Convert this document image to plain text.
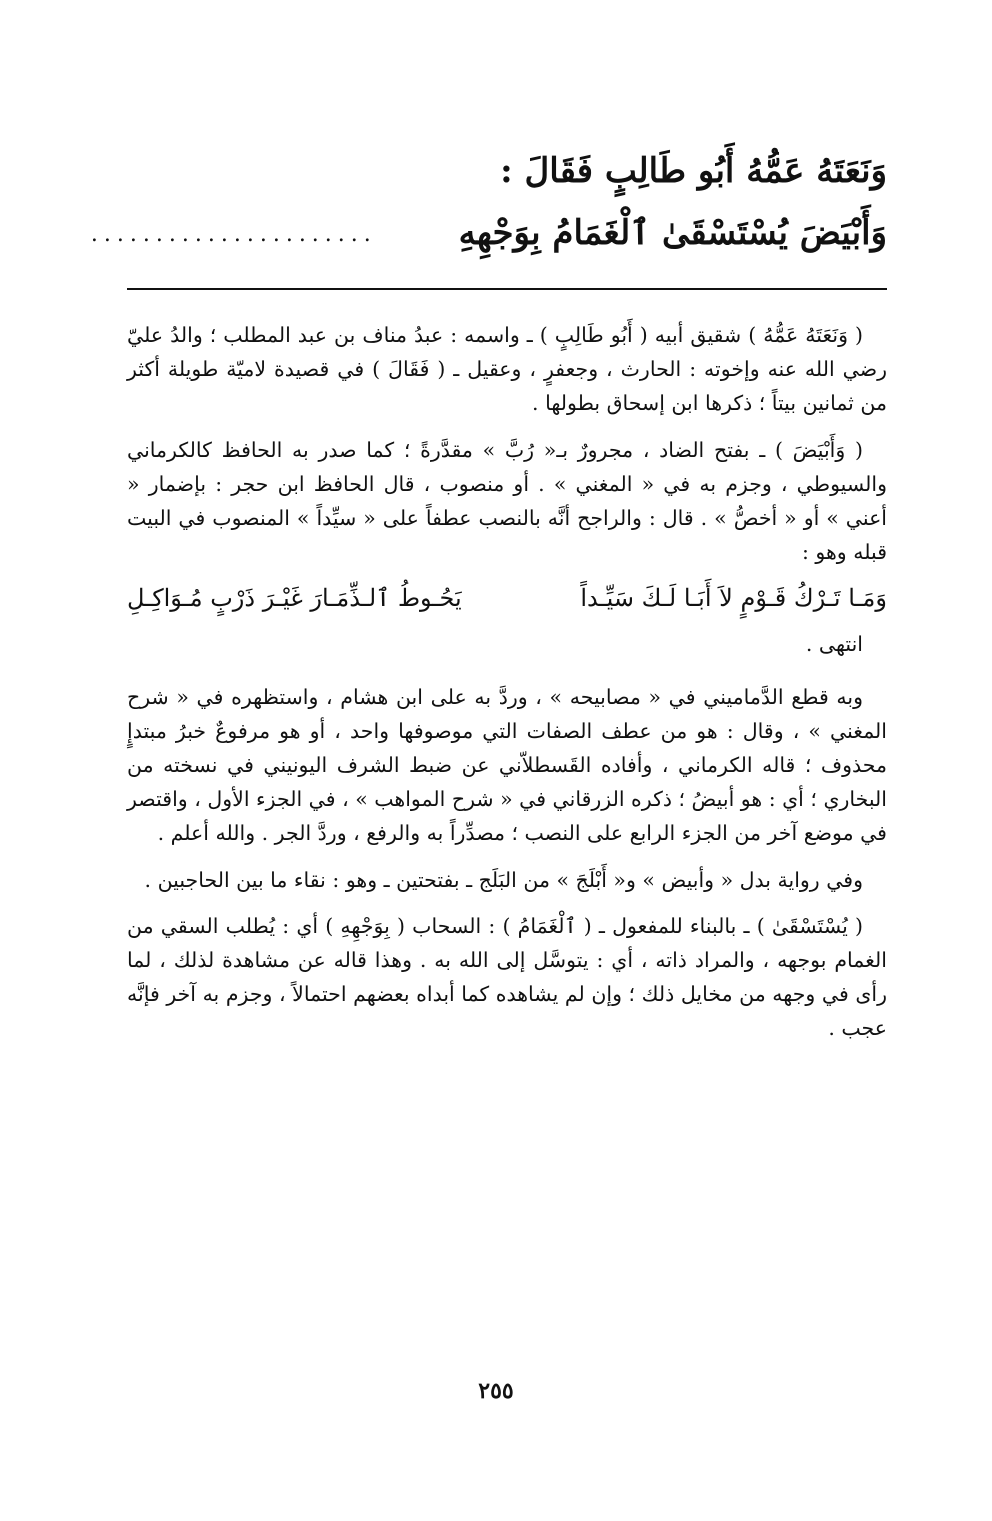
وَنَعَتَهُ عَمُّهُ أَبُو طَالِبٍ فَقَالَ :
وَأَبْيَضَ يُسْتَسْقَىٰ ٱلْغَمَامُ بِوَجْهِهِ ......................

( وَنَعَتَهُ عَمُّهُ ) شقيق أبيه ( أَبُو طَالِبٍ ) ـ واسمه : عبدُ مناف بن عبد المطلب ؛ والدُ عليّ رضي الله عنه وإخوته : الحارث ، وجعفرٍ ، وعقيل ـ ( فَقَالَ ) في قصيدة لاميّة طويلة أكثر من ثمانين بيتاً ؛ ذكرها ابن إسحاق بطولها .

( وَأَبْيَضَ ) ـ بفتح الضاد ، مجرورٌ بـ« رُبَّ » مقدَّرةً ؛ كما صدر به الحافظ كالكرماني والسيوطي ، وجزم به في « المغني » . أو منصوب ، قال الحافظ ابن حجر : بإضمار « أعني » أو « أخصُّ » . قال : والراجح أنَّه بالنصب عطفاً على « سيِّداً » المنصوب في البيت قبله وهو :

وَمَـا تَـرْكُ قَـوْمٍ لاَ أَبَـا لَـكَ سَيِّـداً
يَحُـوطُ ٱلـذِّمَـارَ غَيْـرَ ذَرْبٍ مُـوَاكِـلِ
انتهى .

وبه قطع الدَّماميني في « مصابيحه » ، وردَّ به على ابن هشام ، واستظهره في « شرح المغني » ، وقال : هو من عطف الصفات التي موصوفها واحد ، أو هو مرفوعٌ خبرُ مبتدإٍ محذوف ؛ قاله الكرماني ، وأفاده القَسطلاّني عن ضبط الشرف اليونيني في نسخته من البخاري ؛ أي : هو أبيضُ ؛ ذكره الزرقاني في « شرح المواهب » ، في الجزء الأول ، واقتصر في موضع آخر من الجزء الرابع على النصب ؛ مصدِّراً به والرفع ، وردَّ الجر . والله أعلم .

وفي رواية بدل « وأبيض » و« أَبْلَجَ » من البَلَج ـ بفتحتين ـ وهو : نقاء ما بين الحاجبين .

( يُسْتَسْقَىٰ ) ـ بالبناء للمفعول ـ ( ٱلْغَمَامُ ) : السحاب ( بِوَجْهِهِ ) أي : يُطلب السقي من الغمام بوجهه ، والمراد ذاته ، أي : يتوسَّل إلى الله به . وهذا قاله عن مشاهدة لذلك ، لما رأى في وجهه من مخايل ذلك ؛ وإن لم يشاهده كما أبداه بعضهم احتمالاً ، وجزم به آخر فإنَّه عجب .

٢٥٥
